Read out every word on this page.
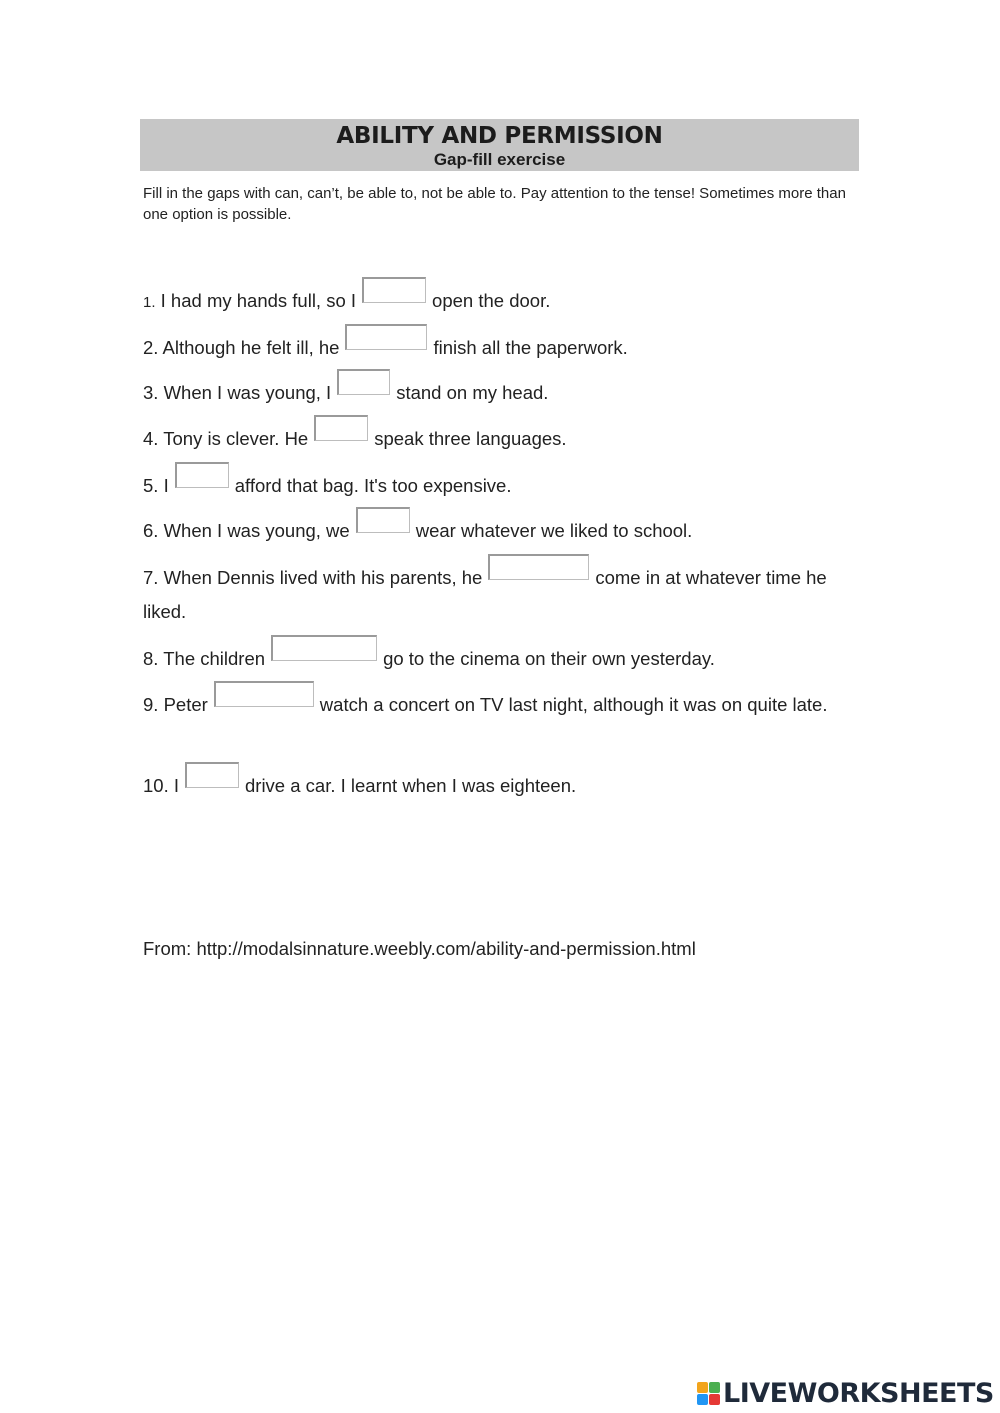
ABILITY AND PERMISSION
Gap-fill exercise
Fill in the gaps with can, can’t, be able to, not be able to. Pay attention to the tense! Sometimes more than one option is possible.
1. I had my hands full, so I	open the door.
2. Although he felt ill, he	finish all the paperwork.
3. When I was young, I	stand on my head.
4. Tony is clever. He	speak three languages.
5. I	afford that bag. It's too expensive.
6. When I was young, we	wear whatever we liked to school.
7. When Dennis lived with his parents, he	come in at whatever time he liked.
8. The children	go to the cinema on their own yesterday.
9. Peter	watch a concert on TV last night, although it was on quite late.
10. I	drive a car. I learnt when I was eighteen.
From: http://modalsinnature.weebly.com/ability-and-permission.html
LIVEWORKSHEETS
